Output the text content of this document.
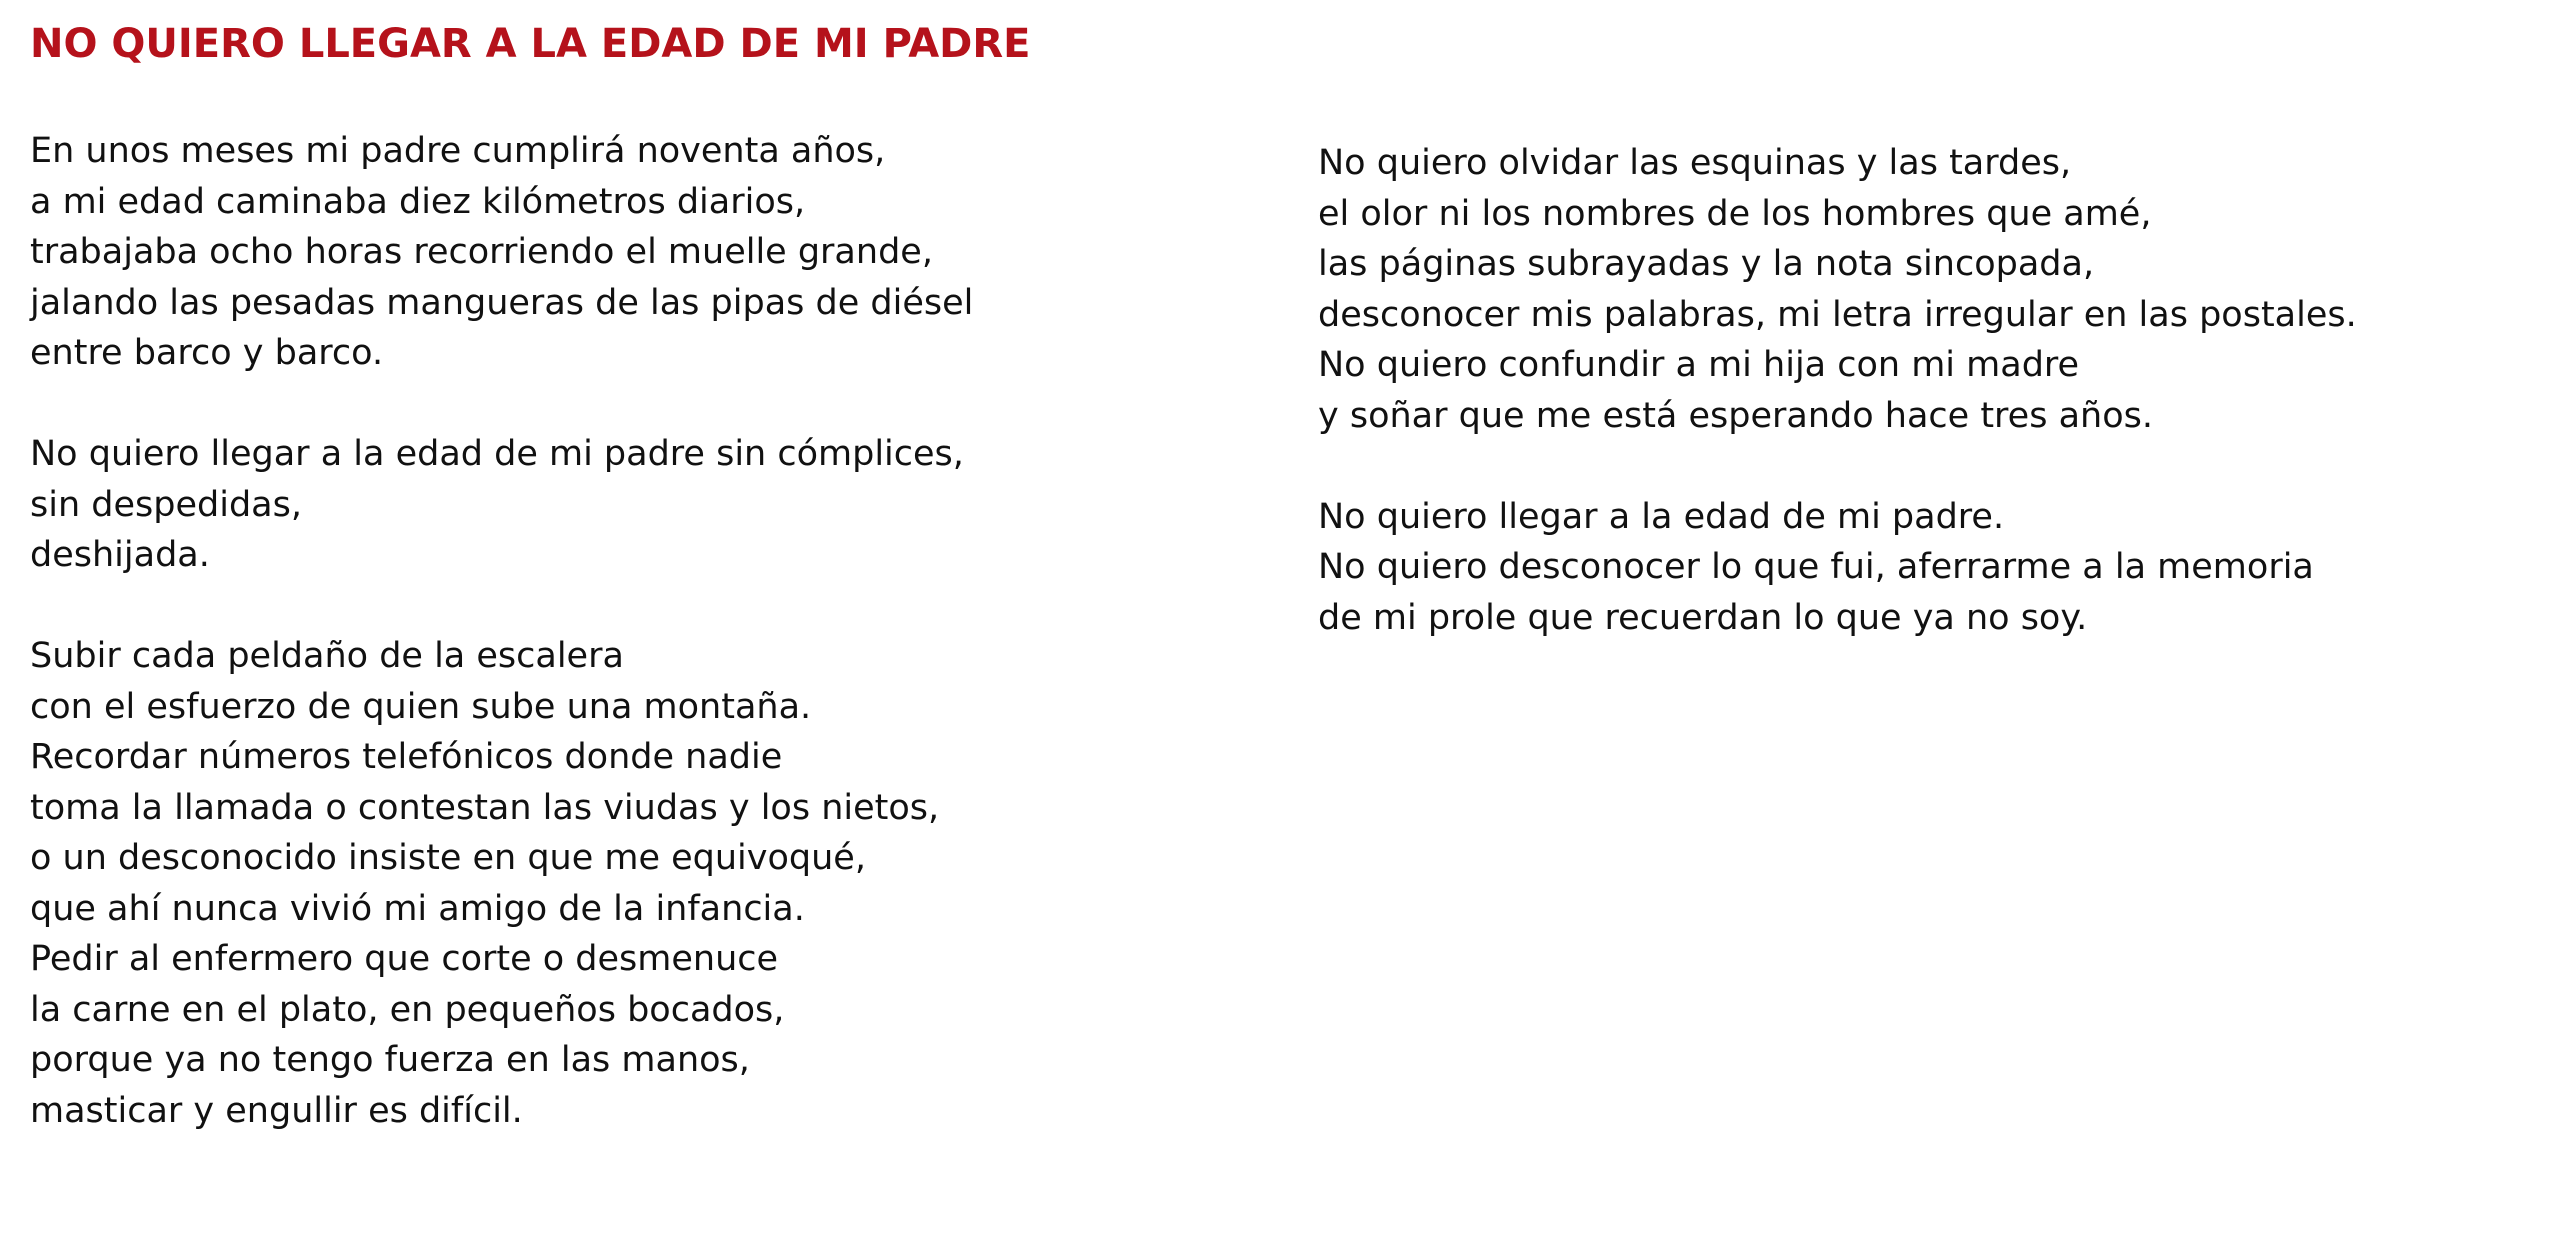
NO QUIERO LLEGAR A LA EDAD DE MI PADRE

En unos meses mi padre cumplirá noventa años,
a mi edad caminaba diez kilómetros diarios,
trabajaba ocho horas recorriendo el muelle grande,
jalando las pesadas mangueras de las pipas de diésel
entre barco y barco.

No quiero llegar a la edad de mi padre sin cómplices,
sin despedidas,
deshijada.

Subir cada peldaño de la escalera
con el esfuerzo de quien sube una montaña.
Recordar números telefónicos donde nadie
toma la llamada o contestan las viudas y los nietos,
o un desconocido insiste en que me equivoqué,
que ahí nunca vivió mi amigo de la infancia.
Pedir al enfermero que corte o desmenuce
la carne en el plato, en pequeños bocados,
porque ya no tengo fuerza en las manos,
masticar y engullir es difícil.

No quiero olvidar las esquinas y las tardes,
el olor ni los nombres de los hombres que amé,
las páginas subrayadas y la nota sincopada,
desconocer mis palabras, mi letra irregular en las postales.
No quiero confundir a mi hija con mi madre
y soñar que me está esperando hace tres años.

No quiero llegar a la edad de mi padre.
No quiero desconocer lo que fui, aferrarme a la memoria
de mi prole que recuerdan lo que ya no soy.
